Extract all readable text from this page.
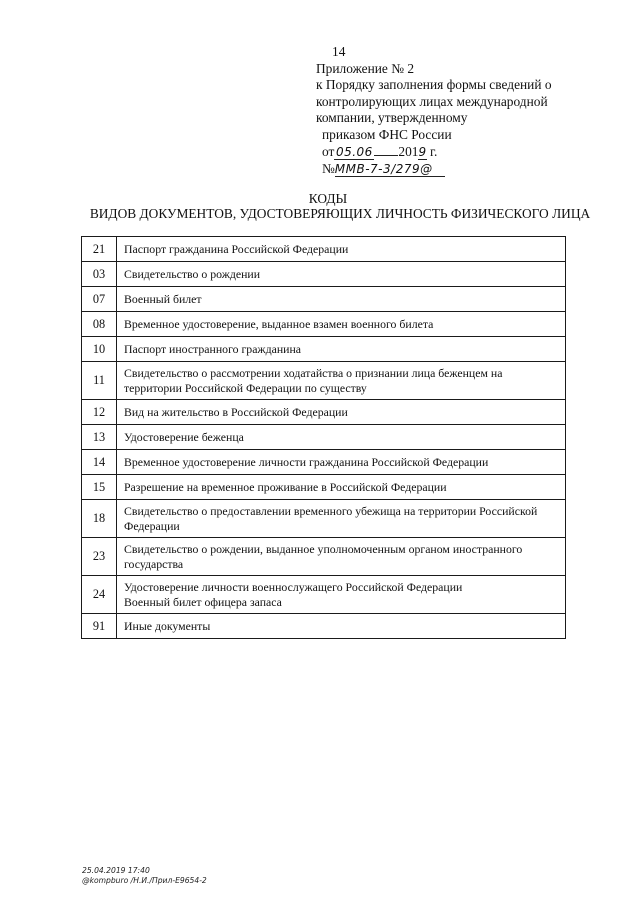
14
Приложение № 2
к Порядку заполнения формы сведений о
контролирующих лицах международной
компании, утвержденному
приказом ФНС России
от 05.06 2019 г.
№ММВ-7-3/279@
КОДЫ
ВИДОВ ДОКУМЕНТОВ, УДОСТОВЕРЯЮЩИХ ЛИЧНОСТЬ ФИЗИЧЕСКОГО ЛИЦА
21	Паспорт гражданина Российской Федерации
03	Свидетельство о рождении
07	Военный билет
08	Временное удостоверение, выданное взамен военного билета
10	Паспорт иностранного гражданина
11	Свидетельство о рассмотрении ходатайства о признании лица беженцем на
территории Российской Федерации по существу

12	Вид на жительство в Российской Федерации
13	Удостоверение беженца
14	Временное удостоверение личности гражданина Российской Федерации
15	Разрешение на временное проживание в Российской Федерации
18	Свидетельство о предоставлении временного убежища на территории Российской
Федерации

23	Свидетельство о рождении, выданное уполномоченным органом иностранного
государства

24	Удостоверение личности военнослужащего Российской Федерации
Военный билет офицера запаса

91	Иные документы
25.04.2019 17:40
@kompburo /Н.И./Прил-Е9654-2
